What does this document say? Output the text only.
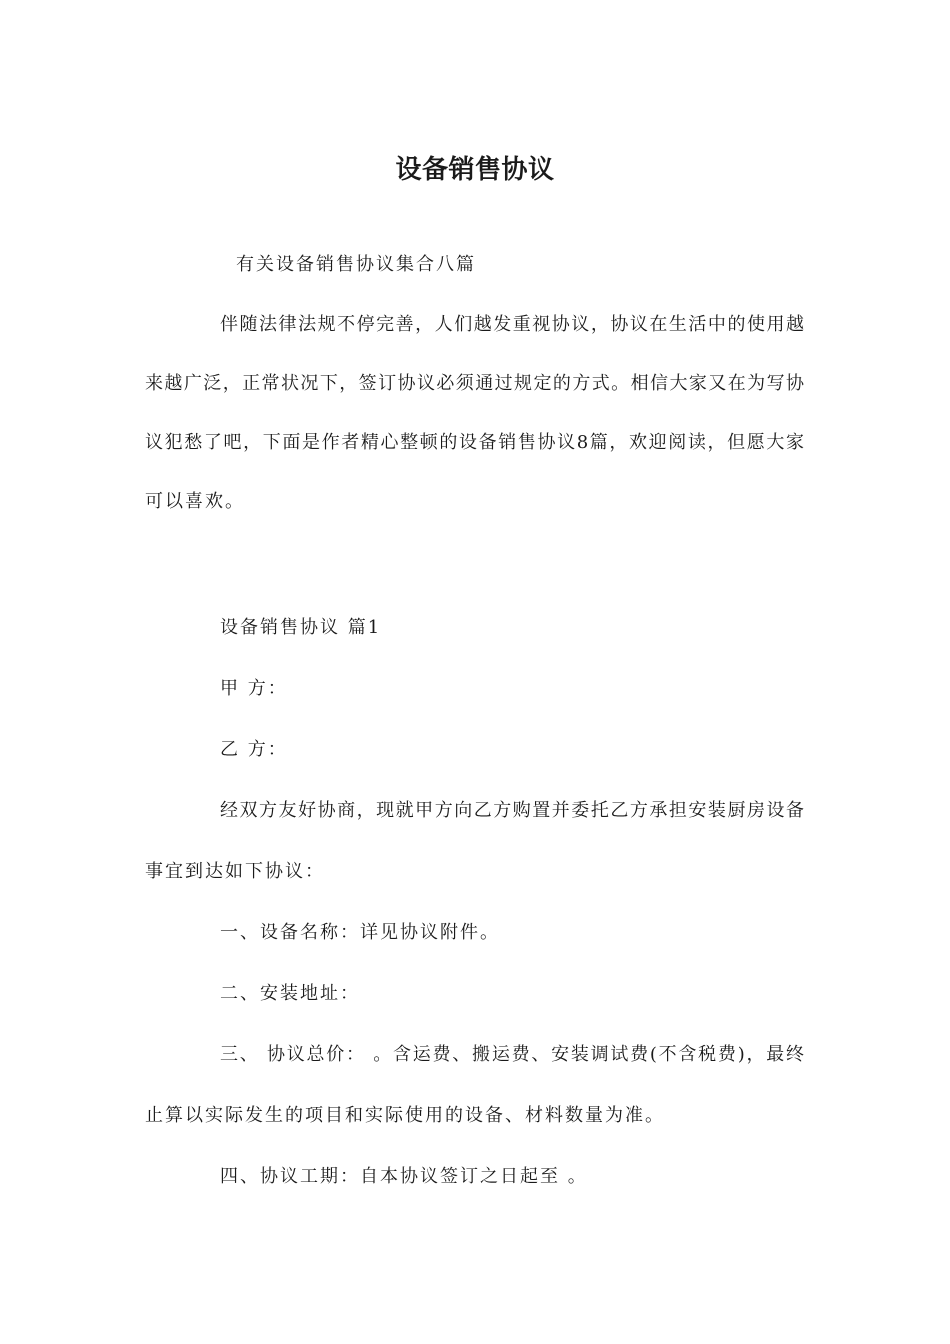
设备销售协议
有关设备销售协议集合八篇
伴随法律法规不停完善，人们越发重视协议，协议在生活中的使用越
来越广泛，正常状况下，签订协议必须通过规定的方式。相信大家又在为写协
议犯愁了吧，下面是作者精心整顿的设备销售协议8篇，欢迎阅读，但愿大家
可以喜欢。
设备销售协议 篇1
甲 方：
乙 方：
经双方友好协商，现就甲方向乙方购置并委托乙方承担安装厨房设备
事宜到达如下协议：
一、设备名称：详见协议附件。
二、安装地址：
三、 协议总价： 。含运费、搬运费、安装调试费(不含税费)，最终
止算以实际发生的项目和实际使用的设备、材料数量为准。
四、协议工期：自本协议签订之日起至 。
